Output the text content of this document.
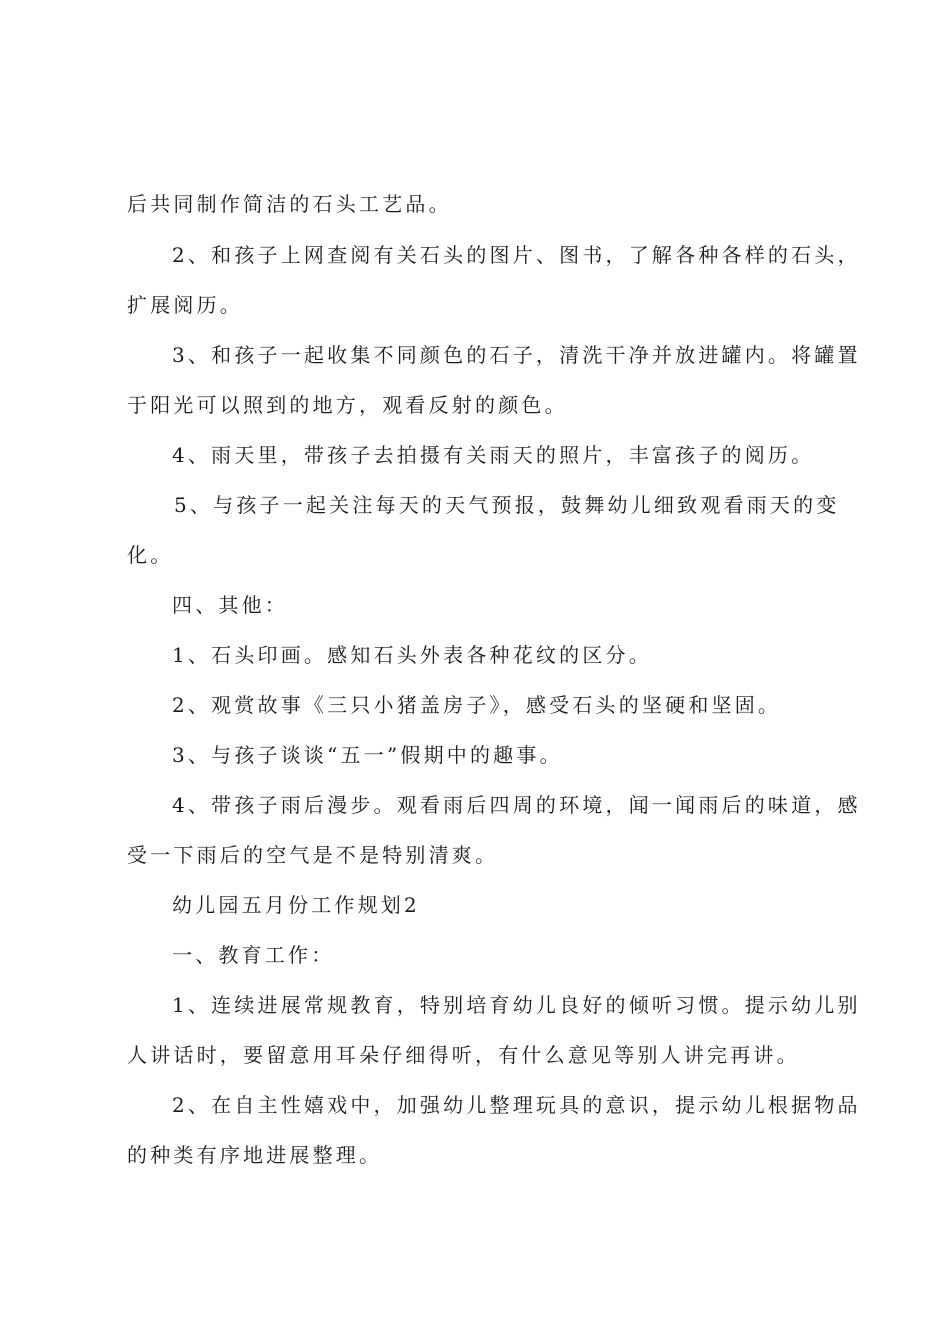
后共同制作简洁的石头工艺品。
2、和孩子上网查阅有关石头的图片、图书，了解各种各样的石头，
扩展阅历。
3、和孩子一起收集不同颜色的石子，清洗干净并放进罐内。将罐置
于阳光可以照到的地方，观看反射的颜色。
4、雨天里，带孩子去拍摄有关雨天的照片，丰富孩子的阅历。
5、与孩子一起关注每天的天气预报，鼓舞幼儿细致观看雨天的变
化。
四、其他：
1、石头印画。感知石头外表各种花纹的区分。
2、观赏故事《三只小猪盖房子》，感受石头的坚硬和坚固。
3、与孩子谈谈“五一”假期中的趣事。
4、带孩子雨后漫步。观看雨后四周的环境，闻一闻雨后的味道，感
受一下雨后的空气是不是特别清爽。
幼儿园五月份工作规划2
一、教育工作：
1、连续进展常规教育，特别培育幼儿良好的倾听习惯。提示幼儿别
人讲话时，要留意用耳朵仔细得听，有什么意见等别人讲完再讲。
2、在自主性嬉戏中，加强幼儿整理玩具的意识，提示幼儿根据物品
的种类有序地进展整理。
